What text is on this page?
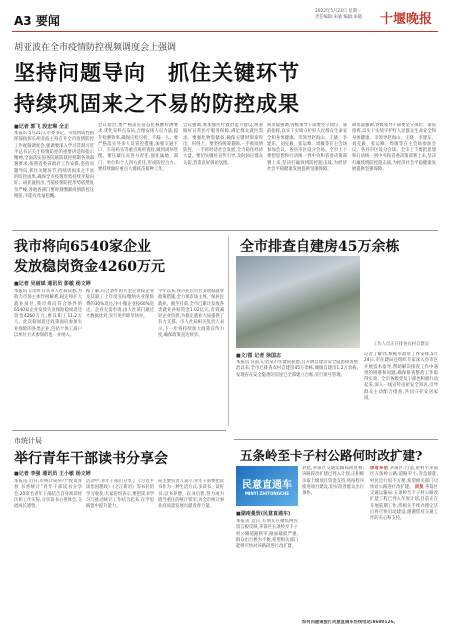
A3 要闻
2022年5月23日 星期一
责任编辑:朱敏 编辑:朱敏	十堰晚报
胡亚波在全市疫情防控视频调度会上强调
坚持问题导向　抓住关键环节
持续巩固来之不易的防控成果
■记者 郭飞 段宏琳 全正
本报讯 5月21日,市委书记、市疫情防控指挥部指挥长胡亚波主持召开全市疫情防控工作视频调度会,强调要深入学习贯彻习近平总书记关于疫情防控的重要讲话和指示精神,全面落实国务院联防联控机制各项部署要求,按照省委省政府工作安排,坚持问题导向,抓住关键环节,持续巩固来之不易的防控成果,确保全市疫情形势持续平稳向好。胡亚波指出,当前疫情防控形势依然复杂严峻,各地各部门要时刻绷紧疫情防控这根弦,不能有丝毫松懈。
会议指出,要严格落实常态化核酸检测要求,优化采样点布局,合理安排人员力量,提升检测效率,确保应检尽检、不漏一人。要严格落实外来人员管控措施,加强交通卡口、车站码头等重点场所查验,做到闭环管理。要压紧压实各方责任,强化属地、部门、单位和个人四方责任,形成防控合力。要持续做好重点人群疫苗接种工作。
会议强调,要加强医疗救治能力建设,统筹做好日常医疗服务保障,满足群众就医需求。要强化物资储备,确保关键时刻拿得出、用得上。要坚持统筹兼顾,一手抓疫情防控、一手抓经济社会发展,全力稳住经济大盘。要切实做好宣传引导,及时回应群众关切,营造良好舆论氛围。
胡亚波强调,各级领导干部要坚守岗位、靠前指挥,以实干实绩守护好人民群众生命安全和身体健康。市领导赵海山、王晓、李建东、刘克毅、张运峰、周敏等在主会场参加会议。各县市区设分会场。全市上下要把思想和行动统一到中央和省委决策部署上来,坚决打赢疫情防控阻击战,为经济社会平稳健康发展提供坚强保障。
胡亚波强调,各级领导干部要坚守岗位、靠前指挥,以实干实绩守护好人民群众生命安全和身体健康。市领导赵海山、王晓、李建东、刘克毅、张运峰、周敏等在主会场参加会议。各县市区设分会场。全市上下要把思想和行动统一到中央和省委决策部署上来,坚决打赢疫情防控阻击战,为经济社会平稳健康发展提供坚强保障。
我市将向6540家企业
发放稳岗资金4260万元
■记者 吴丽斌 通讯员 彭敏 杨文婷
本报讯 记者昨日从市人社局获悉,为助力市场主体纾困解难,稳定和扩大就业岗位,我市将向符合条件的6540家企业发放失业保险稳岗返还资金4260万元,惠及职工11.2万人。此次稳岗返还政策面向参加失业保险的各类企业,包括个体工商户以单位方式参保的也一并纳入。
据了解,符合条件的大型企业按企业及其职工上年度实际缴纳失业保险费的30%返还,中小微企业按60%返还。企业无需申请,由人社部门通过大数据比对,实行免申即享快办。
今年以来,我市先后出台多项稳就业政策措施,全力保市场主体、保居民就业。截至目前,全市已累计发放各类就业补贴资金1.02亿元,有效减轻企业负担,为稳定就业大局提供了有力支撑。市人社局相关负责人表示,下一步将持续加大政策宣传力度,确保政策直达快享。
市统计局
举行青年干部读书分享会
■记者 李强 通讯员 王小敏 杨文婷
本报讯 近日,市统计局举行"悦读青春 书香统计"青年干部读书分享会,20余名青年干部结合自身阅读经历和工作实际,分享读书心得体会,交流成长感悟。
活动中,青年干部们分享了《习近平谈治国理政》《之江新语》等书目的学习收获,大家纷纷表示,要把读书学习与推动统计工作结合起来,在学思践悟中提升能力。
局主要负责人表示,青年干部要把读书作为一种生活方式,多读书、读好书,以书养德、以书启智,努力成为堪当重任的统计铁军,为全市统计事业高质量发展贡献青春力量。
全市排查自建房45万余栋
工作人员正在排查农村自建房
记者了解到,根据市政府工作安排,5月24日,市住建局还组织专家深入县市区开展技术指导,帮助解决排查工作中遇到的困难和问题,确保排查整治工作取得实效。全市各级党员干部也积极行动起来,深入一线宣传房屋安全知识,引导群众主动配合排查,共同守护安居家园。
■文/图 记者 徐国志
本报讯 日前,记者从市住建局获悉,自开展自建房安全隐患排查整治以来,全市已排查农村自建房45万余栋,城镇自建房1.2万余栋,发现存在安全隐患的房屋已全部建立台账,实行销号管理。
五条岭至卡子村公路何时改扩建?
民意直通车
MINYI ZHITONGCHE
■湖南曼贸(民意直通车)
本报讯 近日,有网友在聚焦网民留言板反映,茅箭区五条岭至卡子村公路道路狭窄,路面破损严重,群众出行极为不便,希望相关部门能够尽快对该路段进行改扩建。
对此,茅箭区交通运输局回复称,该路段改扩建已列入计划,正积极争取上级项目资金支持,将按程序推进项目建设,切实改善群众出行条件。
读者来信 茅箭区:白浪,屋村至茅箭区五条岭公路,道路窄小,弯急坡陡,村民出行很不方便,希望相关部门尽快对公路进行改扩建。 回复 茅箭区交通运输局:五条岭至卡子村公路改扩建工程已列入年度计划,目前正在开展前期工作,待相关手续办理完毕后将尽快启动建设,感谢您对交通工作的关心和支持。
如有问题请拨打民意直通车热线电话:8690126。
